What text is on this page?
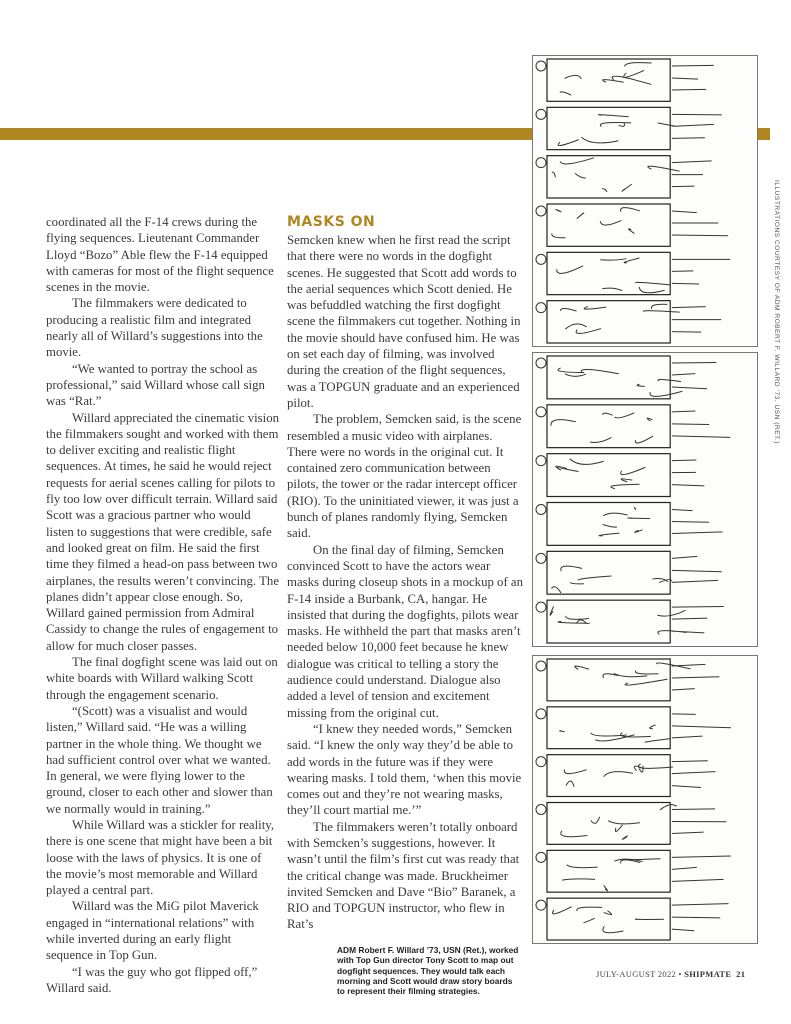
ILLUSTRATIONS COURTESY OF ADM ROBERT F. WILLARD ’73, USN (RET.)

coordinated all the F-14 crews during the flying sequences. Lieutenant Commander Lloyd “Bozo” Able flew the F-14 equipped with cameras for most of the flight sequence scenes in the movie.

The filmmakers were dedicated to producing a realistic film and integrated nearly all of Willard’s suggestions into the movie.

“We wanted to portray the school as professional,” said Willard whose call sign was “Rat.”

Willard appreciated the cinematic vision the filmmakers sought and worked with them to deliver exciting and realistic flight sequences. At times, he said he would reject requests for aerial scenes calling for pilots to fly too low over difficult terrain. Willard said Scott was a gracious partner who would listen to suggestions that were credible, safe and looked great on film. He said the first time they filmed a head-on pass between two airplanes, the results weren’t convincing. The planes didn’t appear close enough. So, Willard gained permission from Admiral Cassidy to change the rules of engagement to allow for much closer passes.

The final dogfight scene was laid out on white boards with Willard walking Scott through the engagement scenario.

“(Scott) was a visualist and would listen,” Willard said. “He was a willing partner in the whole thing. We thought we had sufficient control over what we wanted. In general, we were flying lower to the ground, closer to each other and slower than we normally would in training.”

While Willard was a stickler for reality, there is one scene that might have been a bit loose with the laws of physics. It is one of the movie’s most memorable and Willard played a central part.

Willard was the MiG pilot Maverick engaged in “international relations” with while inverted during an early flight sequence in Top Gun.

“I was the guy who got flipped off,” Willard said.

MASKS ON

Semcken knew when he first read the script that there were no words in the dogfight scenes. He suggested that Scott add words to the aerial sequences which Scott denied. He was befuddled watching the first dogfight scene the filmmakers cut together. Nothing in the movie should have confused him. He was on set each day of filming, was involved during the creation of the flight sequences, was a TOPGUN graduate and an experienced pilot.

The problem, Semcken said, is the scene resembled a music video with airplanes. There were no words in the original cut. It contained zero communication between pilots, the tower or the radar intercept officer (RIO). To the uninitiated viewer, it was just a bunch of planes randomly flying, Semcken said.

On the final day of filming, Semcken convinced Scott to have the actors wear masks during closeup shots in a mockup of an F-14 inside a Burbank, CA, hangar. He insisted that during the dogfights, pilots wear masks. He withheld the part that masks aren’t needed below 10,000 feet because he knew dialogue was critical to telling a story the audience could understand. Dialogue also added a level of tension and excitement missing from the original cut.

“I knew they needed words,” Semcken said. “I knew the only way they’d be able to add words in the future was if they were wearing masks. I told them, ‘when this movie comes out and they’re not wearing masks, they’ll court martial me.’”

The filmmakers weren’t totally onboard with Semcken’s suggestions, however. It wasn’t until the film’s first cut was ready that the critical change was made. Bruckheimer invited Semcken and Dave “Bio” Baranek, a RIO and TOPGUN instructor, who flew in Rat’s

ADM Robert F. Willard ’73, USN (Ret.), worked with Top Gun director Tony Scott to map out dogfight sequences. They would talk each morning and Scott would draw story boards to represent their filming strategies.
JULY-AUGUST 2022 • SHIPMATE 21
